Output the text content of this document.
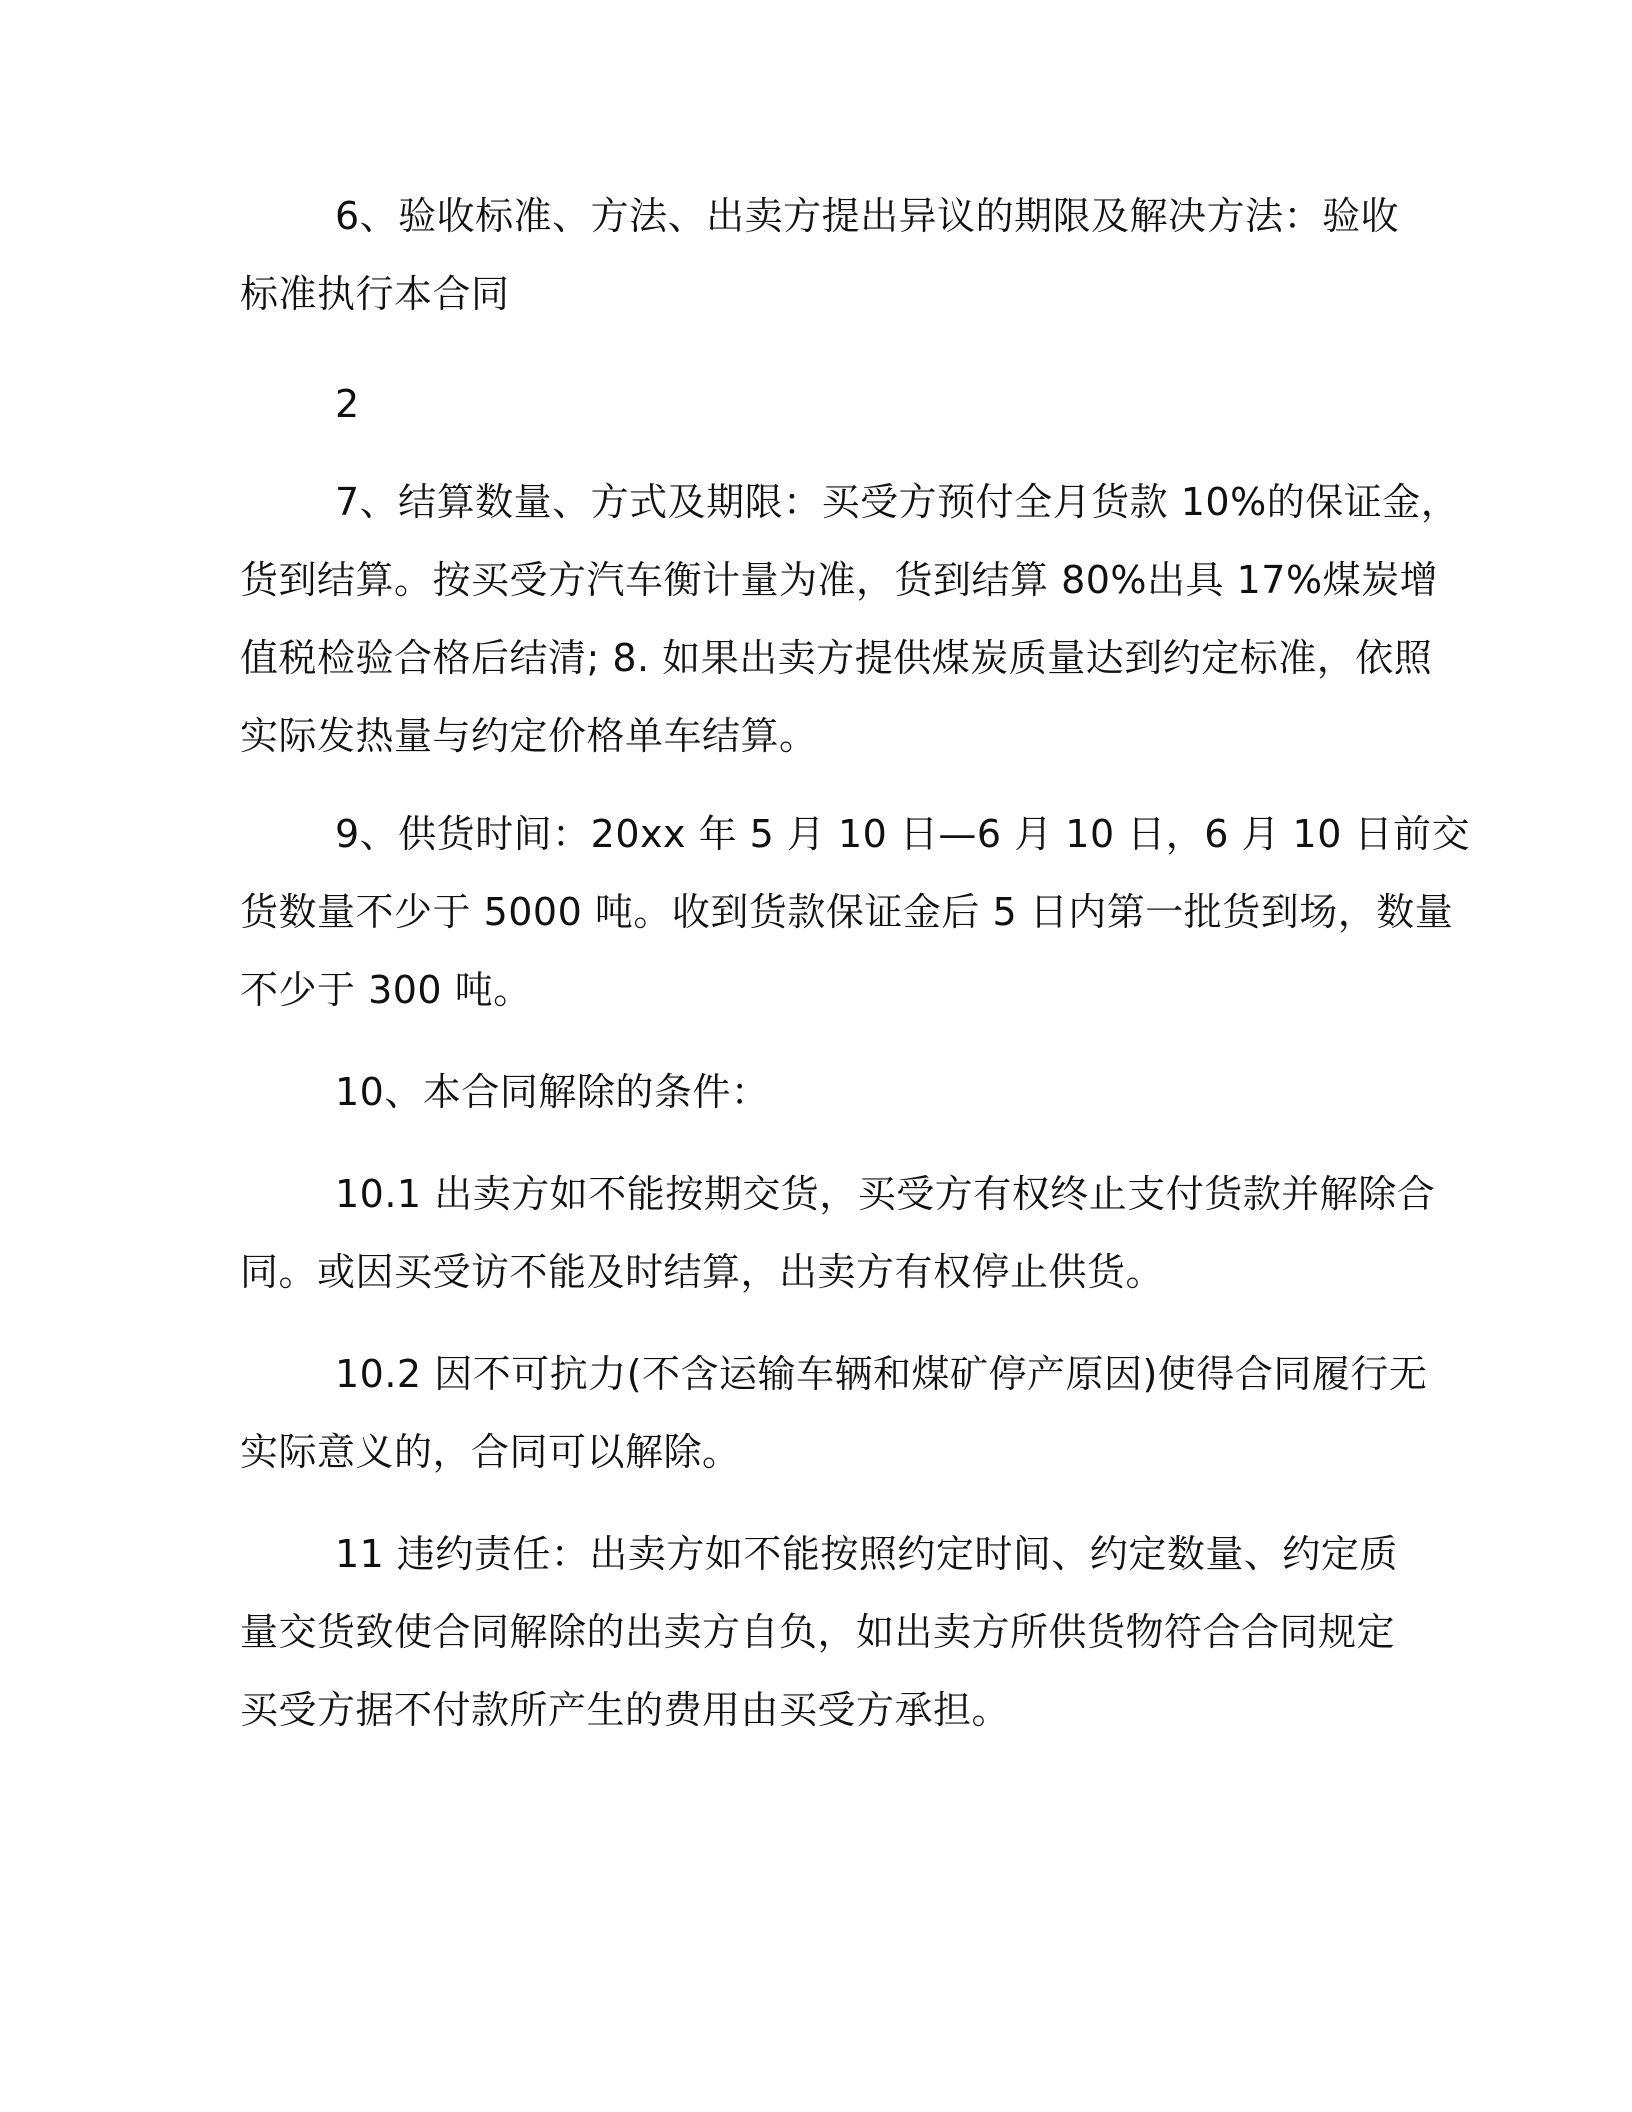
6、验收标准、方法、出卖方提出异议的期限及解决方法：验收
标准执行本合同
2
7、结算数量、方式及期限：买受方预付全月货款 10%的保证金，
货到结算。按买受方汽车衡计量为准，货到结算 80%出具 17%煤炭增
值税检验合格后结清; 8. 如果出卖方提供煤炭质量达到约定标准，依照
实际发热量与约定价格单车结算。
9、供货时间：20xx 年 5 月 10 日—6 月 10 日，6 月 10 日前交
货数量不少于 5000 吨。收到货款保证金后 5 日内第一批货到场，数量
不少于 300 吨。
10、本合同解除的条件：
10.1 出卖方如不能按期交货，买受方有权终止支付货款并解除合
同。或因买受访不能及时结算，出卖方有权停止供货。
10.2 因不可抗力(不含运输车辆和煤矿停产原因)使得合同履行无
实际意义的，合同可以解除。
11 违约责任：出卖方如不能按照约定时间、约定数量、约定质
量交货致使合同解除的出卖方自负，如出卖方所供货物符合合同规定
买受方据不付款所产生的费用由买受方承担。
